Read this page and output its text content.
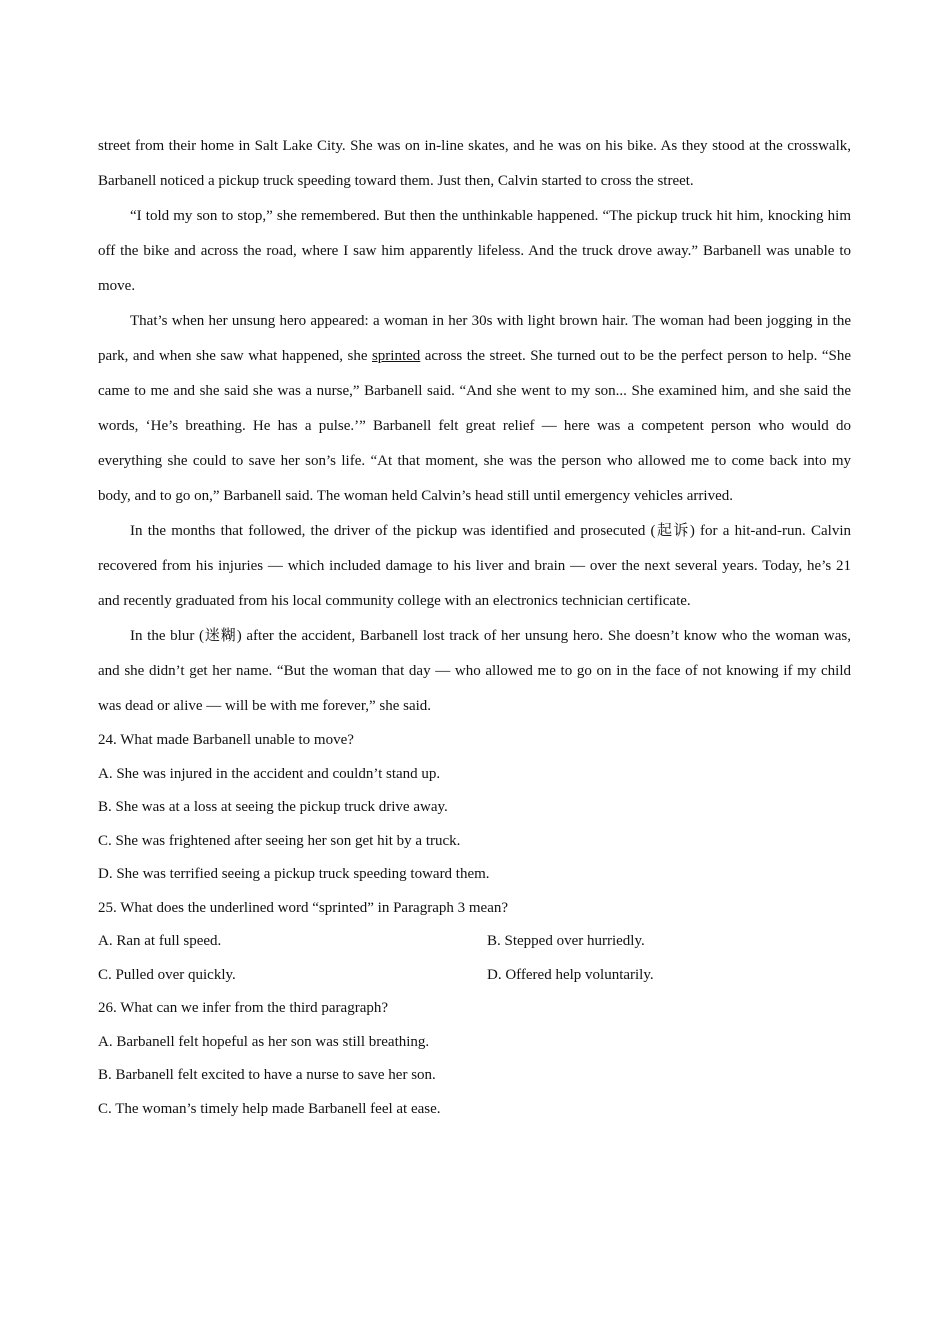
street from their home in Salt Lake City. She was on in-line skates, and he was on his bike. As they stood at the crosswalk, Barbanell noticed a pickup truck speeding toward them. Just then, Calvin started to cross the street.

“I told my son to stop,” she remembered. But then the unthinkable happened. “The pickup truck hit him, knocking him off the bike and across the road, where I saw him apparently lifeless. And the truck drove away.” Barbanell was unable to move.

That’s when her unsung hero appeared: a woman in her 30s with light brown hair. The woman had been jogging in the park, and when she saw what happened, she sprinted across the street. She turned out to be the perfect person to help. “She came to me and she said she was a nurse,” Barbanell said. “And she went to my son... She examined him, and she said the words, ‘He’s breathing. He has a pulse.’” Barbanell felt great relief — here was a competent person who would do everything she could to save her son’s life. “At that moment, she was the person who allowed me to come back into my body, and to go on,” Barbanell said. The woman held Calvin’s head still until emergency vehicles arrived.

In the months that followed, the driver of the pickup was identified and prosecuted (起诉) for a hit-and-run. Calvin recovered from his injuries — which included damage to his liver and brain — over the next several years. Today, he’s 21 and recently graduated from his local community college with an electronics technician certificate.

In the blur (迷糊) after the accident, Barbanell lost track of her unsung hero. She doesn’t know who the woman was, and she didn’t get her name. “But the woman that day — who allowed me to go on in the face of not knowing if my child was dead or alive — will be with me forever,” she said.

24. What made Barbanell unable to move?

A. She was injured in the accident and couldn’t stand up.

B. She was at a loss at seeing the pickup truck drive away.

C. She was frightened after seeing her son get hit by a truck.

D. She was terrified seeing a pickup truck speeding toward them.

25. What does the underlined word “sprinted” in Paragraph 3 mean?

A. Ran at full speed.	B. Stepped over hurriedly.
C. Pulled over quickly.	D. Offered help voluntarily.

26. What can we infer from the third paragraph?

A. Barbanell felt hopeful as her son was still breathing.

B. Barbanell felt excited to have a nurse to save her son.

C. The woman’s timely help made Barbanell feel at ease.
